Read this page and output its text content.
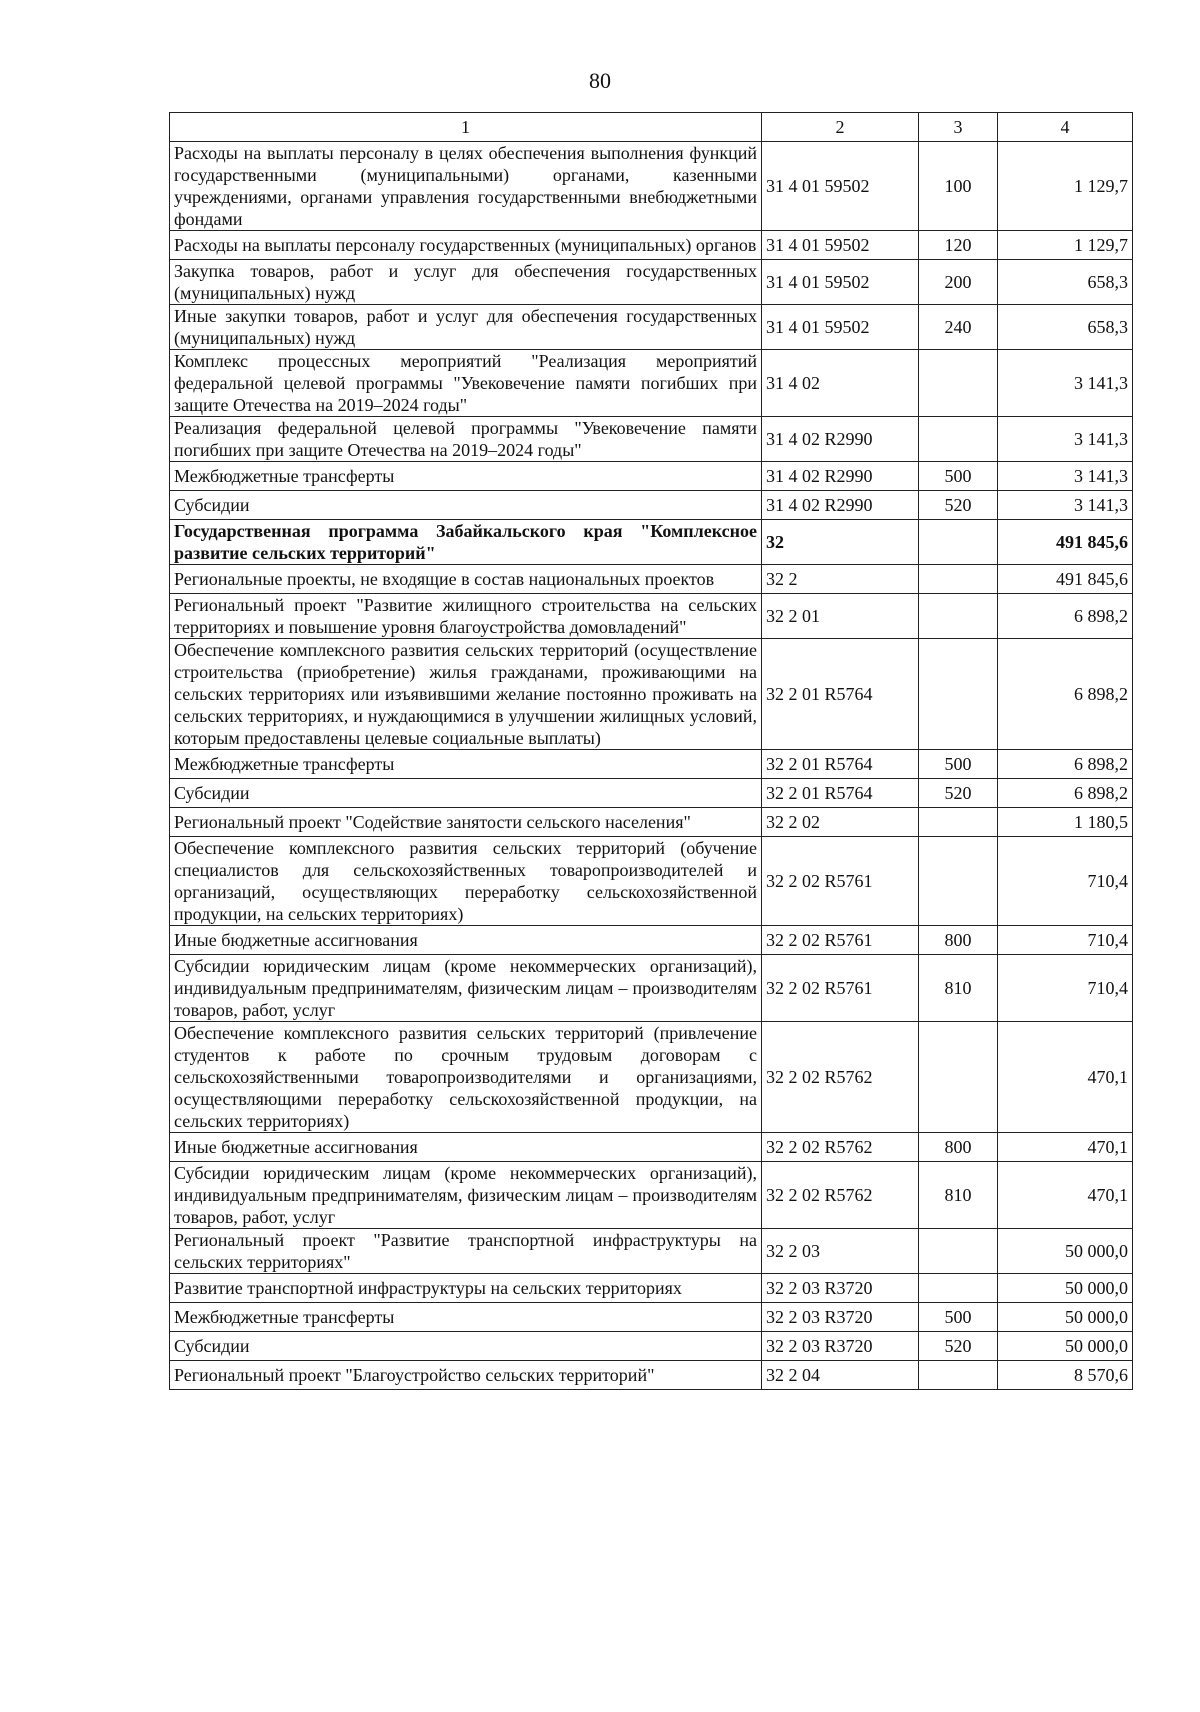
80
1	2	3	4
Расходы на выплаты персоналу в целях обеспечения выполнения функций государственными (муниципальными) органами, казенными учреждениями, органами управления государственными внебюджетными фондами	31 4 01 59502	100	1 129,7
Расходы на выплаты персоналу государственных (муниципальных) органов	31 4 01 59502	120	1 129,7
Закупка товаров, работ и услуг для обеспечения государственных (муниципальных) нужд	31 4 01 59502	200	658,3
Иные закупки товаров, работ и услуг для обеспечения государственных (муниципальных) нужд	31 4 01 59502	240	658,3
Комплекс процессных мероприятий "Реализация мероприятий федеральной целевой программы "Увековечение памяти погибших при защите Отечества на 2019–2024 годы"	31 4 02		3 141,3
Реализация федеральной целевой программы "Увековечение памяти погибших при защите Отечества на 2019–2024 годы"	31 4 02 R2990		3 141,3
Межбюджетные трансферты	31 4 02 R2990	500	3 141,3
Субсидии	31 4 02 R2990	520	3 141,3
Государственная программа Забайкальского края "Комплексное развитие сельских территорий"	32		491 845,6
Региональные проекты, не входящие в состав национальных проектов	32 2		491 845,6
Региональный проект "Развитие жилищного строительства на сельских территориях и повышение уровня благоустройства домовладений"	32 2 01		6 898,2
Обеспечение комплексного развития сельских территорий (осуществление строительства (приобретение) жилья гражданами, проживающими на сельских территориях или изъявившими желание постоянно проживать на сельских территориях, и нуждающимися в улучшении жилищных условий, которым предоставлены целевые социальные выплаты)	32 2 01 R5764		6 898,2
Межбюджетные трансферты	32 2 01 R5764	500	6 898,2
Субсидии	32 2 01 R5764	520	6 898,2
Региональный проект "Содействие занятости сельского населения"	32 2 02		1 180,5
Обеспечение комплексного развития сельских территорий (обучение специалистов для сельскохозяйственных товаропроизводителей и организаций, осуществляющих переработку сельскохозяйственной продукции, на сельских территориях)	32 2 02 R5761		710,4
Иные бюджетные ассигнования	32 2 02 R5761	800	710,4
Субсидии юридическим лицам (кроме некоммерческих организаций), индивидуальным предпринимателям, физическим лицам – производителям товаров, работ, услуг	32 2 02 R5761	810	710,4
Обеспечение комплексного развития сельских территорий (привлечение студентов к работе по срочным трудовым договорам с сельскохозяйственными товаропроизводителями и организациями, осуществляющими переработку сельскохозяйственной продукции, на сельских территориях)	32 2 02 R5762		470,1
Иные бюджетные ассигнования	32 2 02 R5762	800	470,1
Субсидии юридическим лицам (кроме некоммерческих организаций), индивидуальным предпринимателям, физическим лицам – производителям товаров, работ, услуг	32 2 02 R5762	810	470,1
Региональный проект "Развитие транспортной инфраструктуры на сельских территориях"	32 2 03		50 000,0
Развитие транспортной инфраструктуры на сельских территориях	32 2 03 R3720		50 000,0
Межбюджетные трансферты	32 2 03 R3720	500	50 000,0
Субсидии	32 2 03 R3720	520	50 000,0
Региональный проект "Благоустройство сельских территорий"	32 2 04		8 570,6
